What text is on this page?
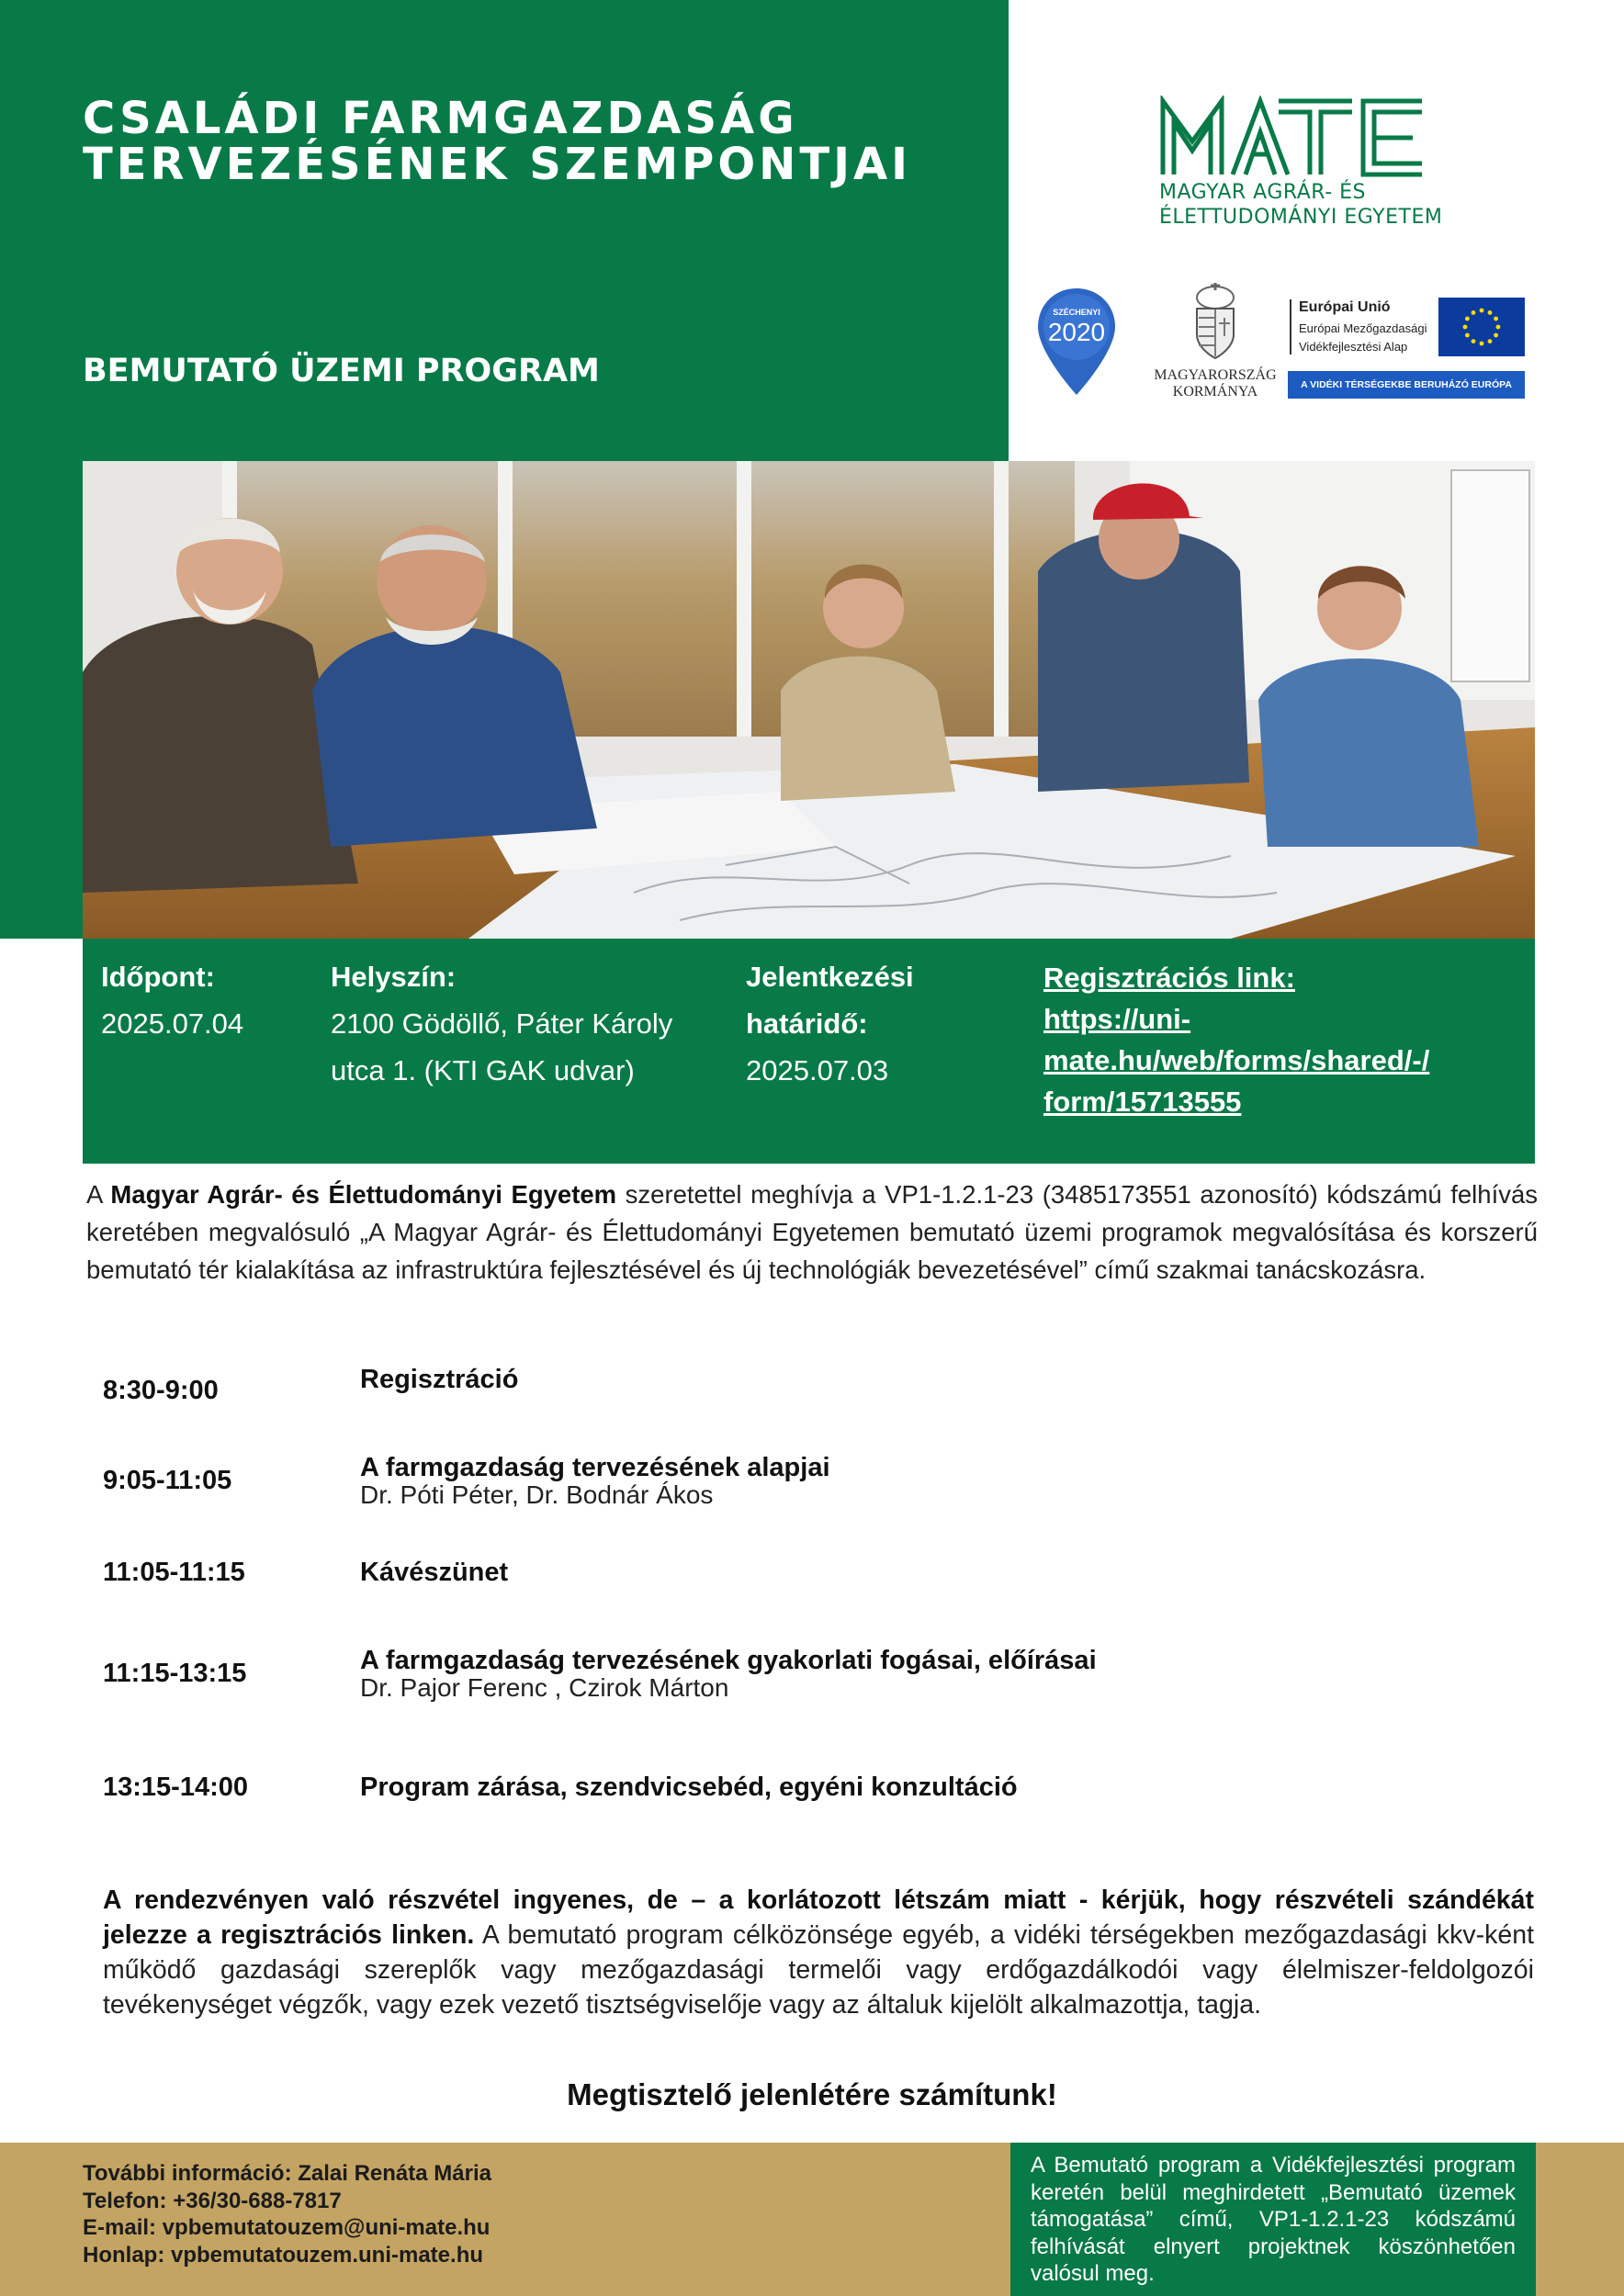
CSALÁDI FARMGAZDASÁG
TERVEZÉSÉNEK SZEMPONTJAI
BEMUTATÓ ÜZEMI PROGRAM
MAGYAR AGRÁR- ÉS
ÉLETTUDOMÁNYI EGYETEM
SZÉCHENYI
2020
MAGYARORSZÁG
KORMÁNYA
Európai Unió
Európai Mezőgazdasági
Vidékfejlesztési Alap
A VIDÉKI TÉRSÉGEKBE BERUHÁZÓ EURÓPA
Időpont:
2025.07.04
Helyszín:
2100 Gödöllő, Páter Károly
utca 1. (KTI GAK udvar)
Jelentkezési
határidő:
2025.07.03
Regisztrációs link:
https://uni-
mate.hu/web/forms/shared/-/
form/15713555

A Magyar Agrár- és Élettudományi Egyetem szeretettel meghívja a VP1-1.2.1-23 (3485173551 azonosító) kódszámú felhívás keretében megvalósuló „A Magyar Agrár- és Élettudományi Egyetemen bemutató üzemi programok megvalósítása és korszerű bemutató tér kialakítása az infrastruktúra fejlesztésével és új technológiák bevezetésével” című szakmai tanácskozásra.

8:30-9:00	Regisztráció
9:05-11:05	A farmgazdaság tervezésének alapjai
Dr. Póti Péter, Dr. Bodnár Ákos
11:05-11:15	Kávészünet
11:15-13:15	A farmgazdaság tervezésének gyakorlati fogásai, előírásai
Dr. Pajor Ferenc , Czirok Márton
13:15-14:00	Program zárása, szendvicsebéd, egyéni konzultáció

A rendezvényen való részvétel ingyenes, de – a korlátozott létszám miatt - kérjük, hogy részvételi szándékát jelezze a regisztrációs linken. A bemutató program célközönsége egyéb, a vidéki térségekben mezőgazdasági kkv-ként működő gazdasági szereplők vagy mezőgazdasági termelői vagy erdőgazdálkodói vagy élelmiszer-feldolgozói tevékenységet végzők, vagy ezek vezető tisztségviselője vagy az általuk kijelölt alkalmazottja, tagja.

Megtisztelő jelenlétére számítunk!
További információ: Zalai Renáta Mária
Telefon: +36/30-688-7817
E-mail: vpbemutatouzem@uni-mate.hu
Honlap: vpbemutatouzem.uni-mate.hu

A Bemutató program a Vidékfejlesztési program keretén belül meghirdetett „Bemutató üzemek támogatása” című, VP1-1.2.1-23 kódszámú felhívását elnyert projektnek köszönhetően valósul meg.
